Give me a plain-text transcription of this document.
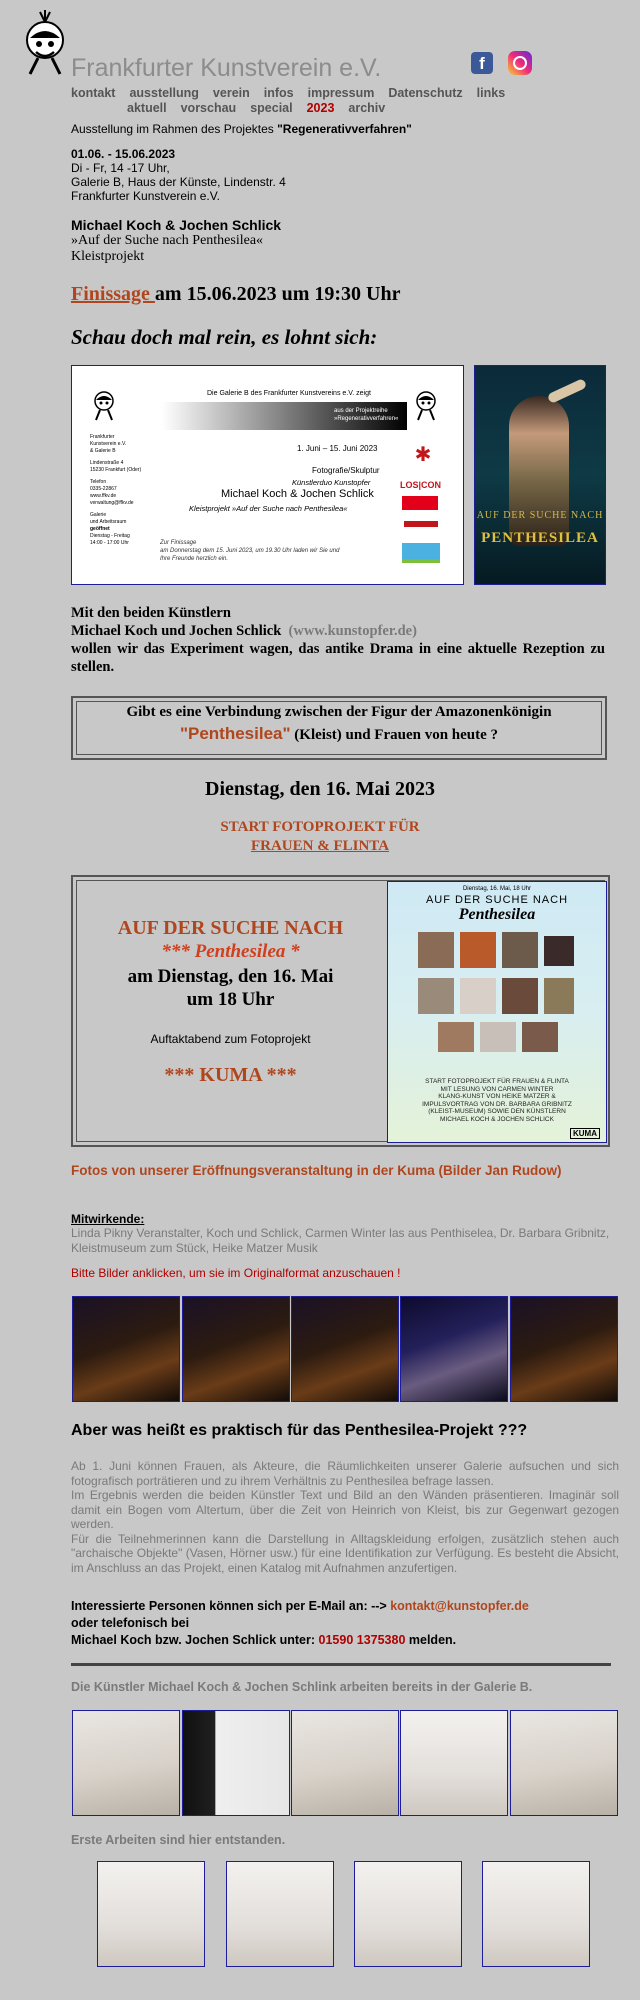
Frankfurter Kunstverein e.V.	f
kontakt ausstellung verein infos impressum Datenschutz links
aktuell vorschau special 2023 archiv
Ausstellung im Rahmen des Projektes "Regenerativverfahren"
01.06. - 15.06.2023
Di - Fr, 14 -17 Uhr,
Galerie B, Haus der Künste, Lindenstr. 4
Frankfurter Kunstverein e.V.
Michael Koch & Jochen Schlick
»Auf der Suche nach Penthesilea«
Kleistprojekt
Finissage am 15.06.2023 um 19:30 Uhr
Schau doch mal rein, es lohnt sich:
Die Galerie B des Frankfurter Kunstvereins e.V. zeigt
aus der Projektreihe
»Regenerativverfahren«
Frankfurter
Kunstverein e.V.
& Galerie B
Lindenstraße 4
15230 Frankfurt (Oder)
Telefon
0335-22867
www.ffkv.de
verwaltung@ffkv.de
Galerie
und Arbeitsraum
geöffnet
Dienstag - Freitag
14:00 - 17:00 Uhr
1. Juni – 15. Juni 2023
Fotografie/Skulptur
Künstlerduo Kunstopfer
Michael Koch & Jochen Schlick
Kleistprojekt »Auf der Suche nach Penthesilea«
Zur Finissage
am Donnerstag dem 15. Juni 2023, um 19.30 Uhr laden wir Sie und
Ihre Freunde herzlich ein.
✱
LOS|CON
AUF DER SUCHE NACH
PENTHESILEA
Mit den beiden Künstlern
Michael Koch und Jochen Schlick (www.kunstopfer.de)
wollen wir das Experiment wagen, das antike Drama in eine aktuelle Rezeption zu stellen.
Gibt es eine Verbindung zwischen der Figur der Amazonenkönigin
"Penthesilea" (Kleist) und Frauen von heute ?
Dienstag, den 16. Mai 2023
START FOTOPROJEKT FÜR
FRAUEN & FLINTA
AUF DER SUCHE NACH
*** Penthesilea *
am Dienstag, den 16. Mai
um 18 Uhr
Auftaktabend zum Fotoprojekt
*** KUMA ***
Dienstag, 16. Mai, 18 Uhr
AUF DER SUCHE NACH
Penthesilea
START FOTOPROJEKT FÜR FRAUEN & FLINTA
MIT LESUNG VON CARMEN WINTER
KLANG-KUNST VON HEIKE MATZER &
IMPULSVORTRAG VON DR. BARBARA GRIBNITZ
(KLEIST-MUSEUM) SOWIE DEN KÜNSTLERN
MICHAEL KOCH & JOCHEN SCHLICK
KUMA
Fotos von unserer Eröffnungsveranstaltung in der Kuma (Bilder Jan Rudow)
Mitwirkende:
Linda Pikny Veranstalter, Koch und Schlick, Carmen Winter las aus Penthiselea, Dr. Barbara Gribnitz, Kleistmuseum zum Stück, Heike Matzer Musik
Bitte Bilder anklicken, um sie im Originalformat anzuschauen !
Aber was heißt es praktisch für das Penthesilea-Projekt ???
Ab 1. Juni können Frauen, als Akteure, die Räumlichkeiten unserer Galerie aufsuchen und sich fotografisch porträtieren und zu ihrem Verhältnis zu Penthesilea befrage lassen.
Im Ergebnis werden die beiden Künstler Text und Bild an den Wänden präsentieren. Imaginär soll damit ein Bogen vom Altertum, über die Zeit von Heinrich von Kleist, bis zur Gegenwart gezogen werden.
Für die Teilnehmerinnen kann die Darstellung in Alltagskleidung erfolgen, zusätzlich stehen auch "archaische Objekte" (Vasen, Hörner usw.) für eine Identifikation zur Verfügung. Es besteht die Absicht, im Anschluss an das Projekt, einen Katalog mit Aufnahmen anzufertigen.
Interessierte Personen können sich per E-Mail an: --> kontakt@kunstopfer.de
oder telefonisch bei
Michael Koch bzw. Jochen Schlick unter: 01590 1375380 melden.
Die Künstler Michael Koch & Jochen Schlink arbeiten bereits in der Galerie B.
Erste Arbeiten sind hier entstanden.
